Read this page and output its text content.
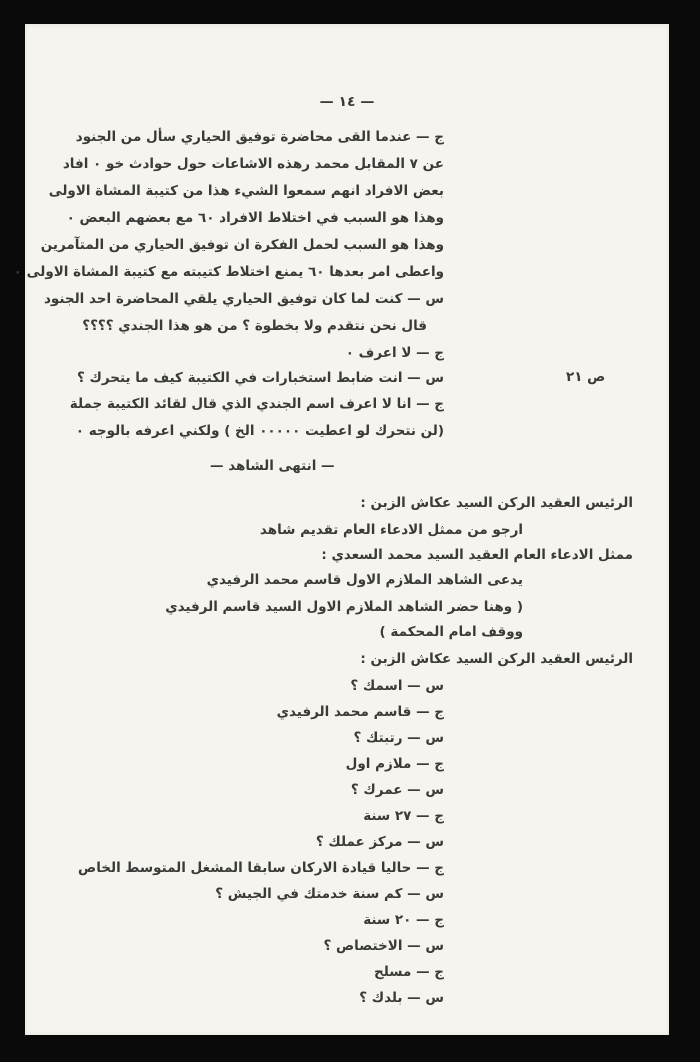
— ١٤ —
ج — عندما القى محاضرة توفيق الحياري سأل من الجنود
عن ٧ المقابل محمد رهذه الاشاعات حول حوادث خو ٠ افاد
بعض الافراد انهم سمعوا الشيء هذا من كتيبة المشاة الاولى
وهذا هو السبب في اختلاط الافراد ٦٠ مع بعضهم البعض ٠
وهذا هو السبب لحمل الفكرة ان توفيق الحياري من المتآمرين
واعطى امر بعدها ٦٠ يمنع اختلاط كتيبته مع كتيبة المشاة الاولى ٠
س — كنت لما كان توفيق الحياري يلقي المحاضرة احد الجنود
قال نحن نتقدم ولا بخطوة ؟ من هو هذا الجندي ؟؟؟؟
ج — لا اعرف ٠
س — انت ضابط استخبارات في الكتيبة كيف ما يتحرك ؟	ص ٢١
ج — انا لا اعرف اسم الجندي الذي قال لقائد الكتيبة جملة
(لن نتحرك لو اعطيت ٠٠٠٠٠ الخ ) ولكني اعرفه بالوجه ٠
— انتهى الشاهد —
الرئيس العقيد الركن السيد عكاش الزبن :
ارجو من ممثل الادعاء العام تقديم شاهد
ممثل الادعاء العام العقيد السيد محمد السعدي :
يدعى الشاهد الملازم الاول قاسم محمد الرفيدي
( وهنا حضر الشاهد الملازم الاول السيد قاسم الرفيدي
ووقف امام المحكمة )
الرئيس العقيد الركن السيد عكاش الزبن :
س — اسمك ؟
ج — قاسم محمد الرفيدي
س — رتبتك ؟
ج — ملازم اول
س — عمرك ؟
ج — ٢٧ سنة
س — مركز عملك ؟
ج — حاليا قيادة الاركان سابقا المشغل المتوسط الخاص
س — كم سنة خدمتك في الجيش ؟
ج — ٢٠ سنة
س — الاختصاص ؟
ج — مسلح
س — بلدك ؟
